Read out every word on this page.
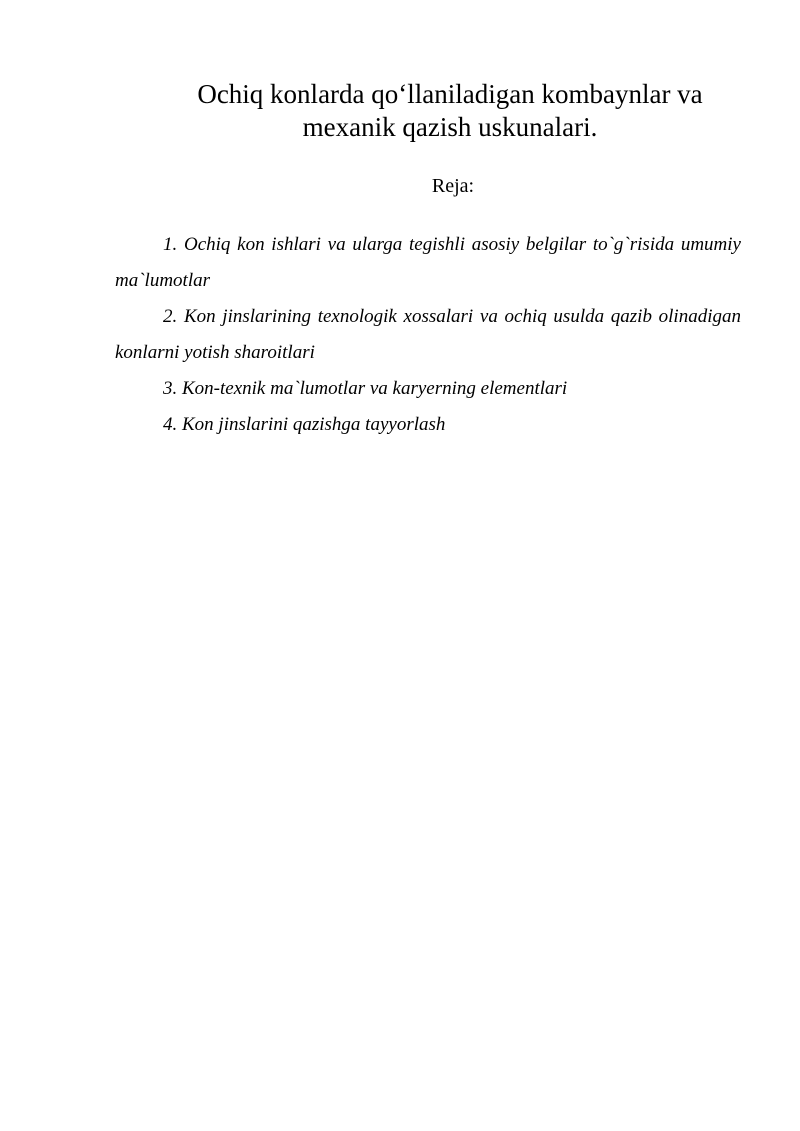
Ochiq konlarda qo‘llaniladigan kombaynlar va mexanik qazish uskunalari.
Reja:
1. Ochiq kon ishlari va ularga tegishli asosiy belgilar to`g`risida umumiy ma`lumotlar
2. Kon jinslarining texnologik xossalari va ochiq usulda qazib olinadigan konlarni yotish sharoitlari
3. Kon-texnik ma`lumotlar va karyerning elementlari
4. Kon jinslarini qazishga tayyorlash
